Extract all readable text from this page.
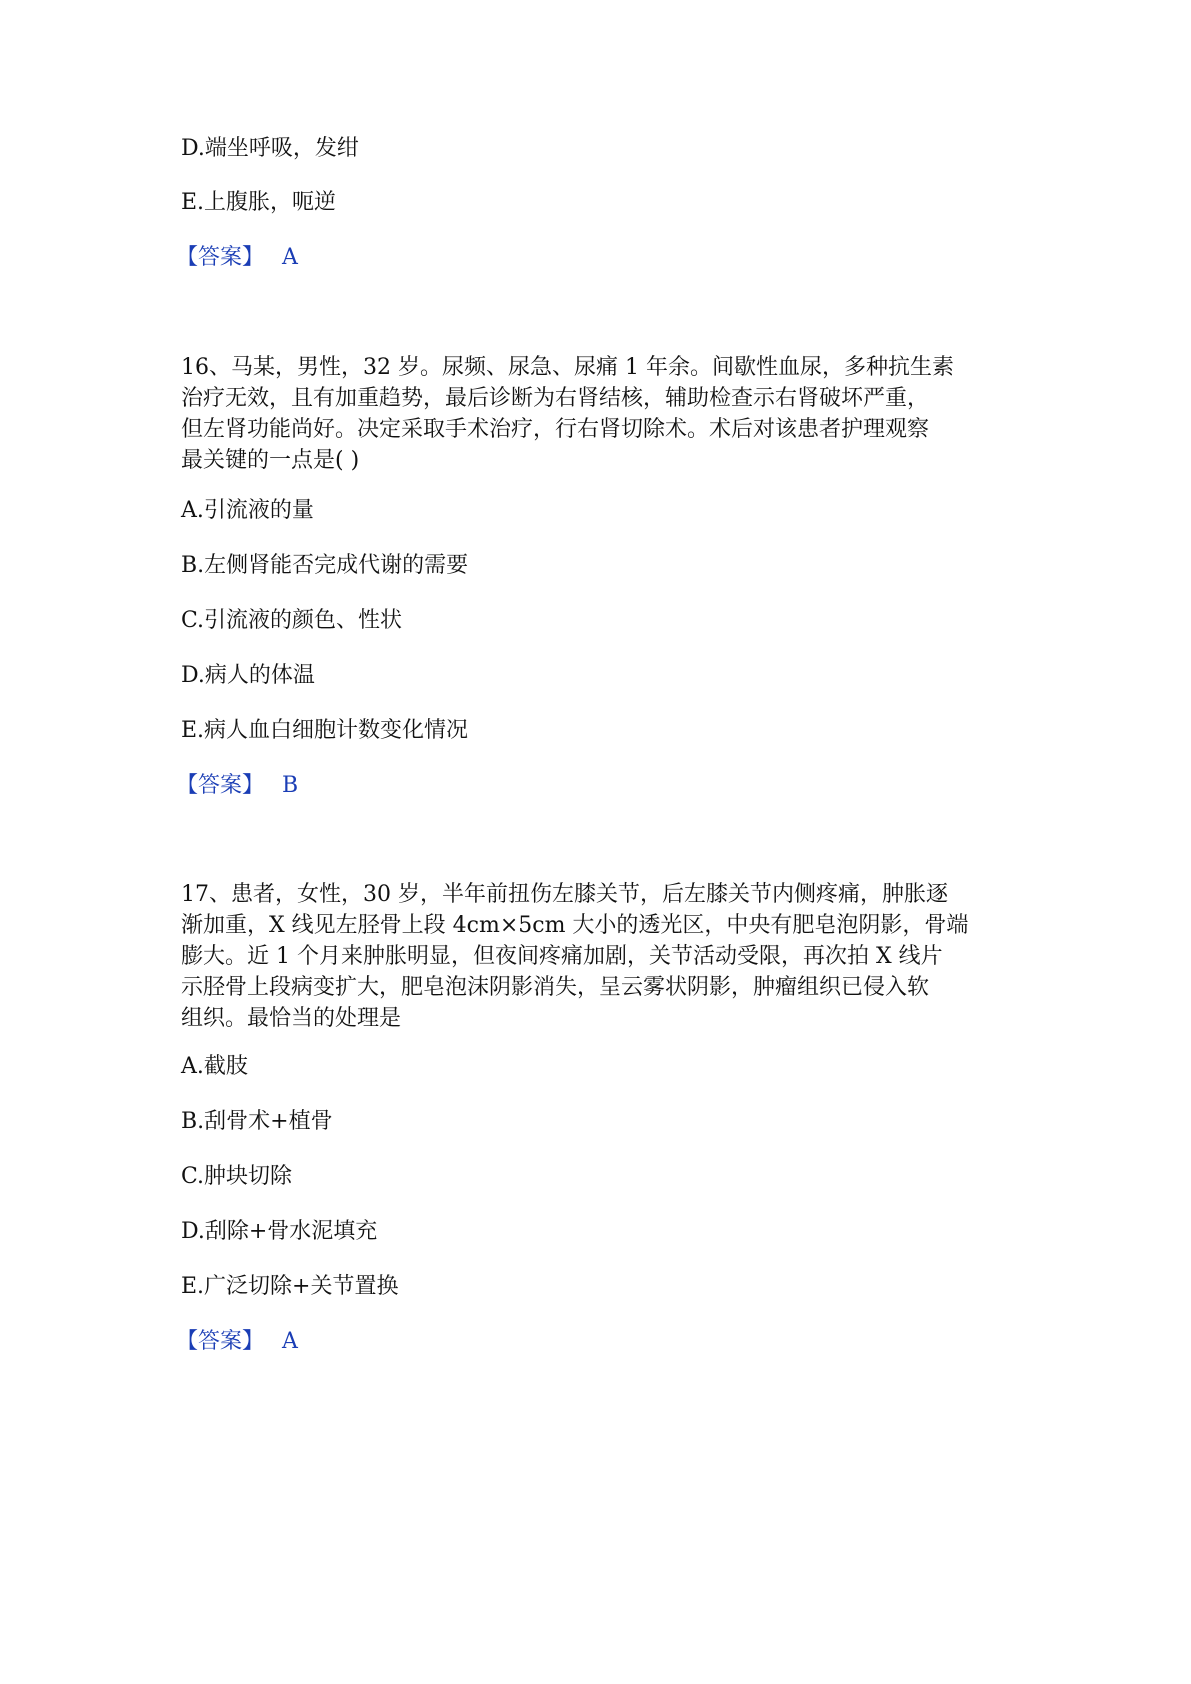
D.端坐呼吸，发绀
E.上腹胀，呃逆
【答案】 A
16、马某，男性，32 岁。尿频、尿急、尿痛 1 年余。间歇性血尿，多种抗生素
治疗无效，且有加重趋势，最后诊断为右肾结核，辅助检查示右肾破坏严重，
但左肾功能尚好。决定采取手术治疗，行右肾切除术。术后对该患者护理观察
最关键的一点是( )
A.引流液的量
B.左侧肾能否完成代谢的需要
C.引流液的颜色、性状
D.病人的体温
E.病人血白细胞计数变化情况
【答案】 B
17、患者，女性，30 岁，半年前扭伤左膝关节，后左膝关节内侧疼痛，肿胀逐
渐加重，X 线见左胫骨上段 4cm×5cm 大小的透光区，中央有肥皂泡阴影，骨端
膨大。近 1 个月来肿胀明显，但夜间疼痛加剧，关节活动受限，再次拍 X 线片
示胫骨上段病变扩大，肥皂泡沫阴影消失，呈云雾状阴影，肿瘤组织已侵入软
组织。最恰当的处理是
A.截肢
B.刮骨术+植骨
C.肿块切除
D.刮除+骨水泥填充
E.广泛切除+关节置换
【答案】 A
